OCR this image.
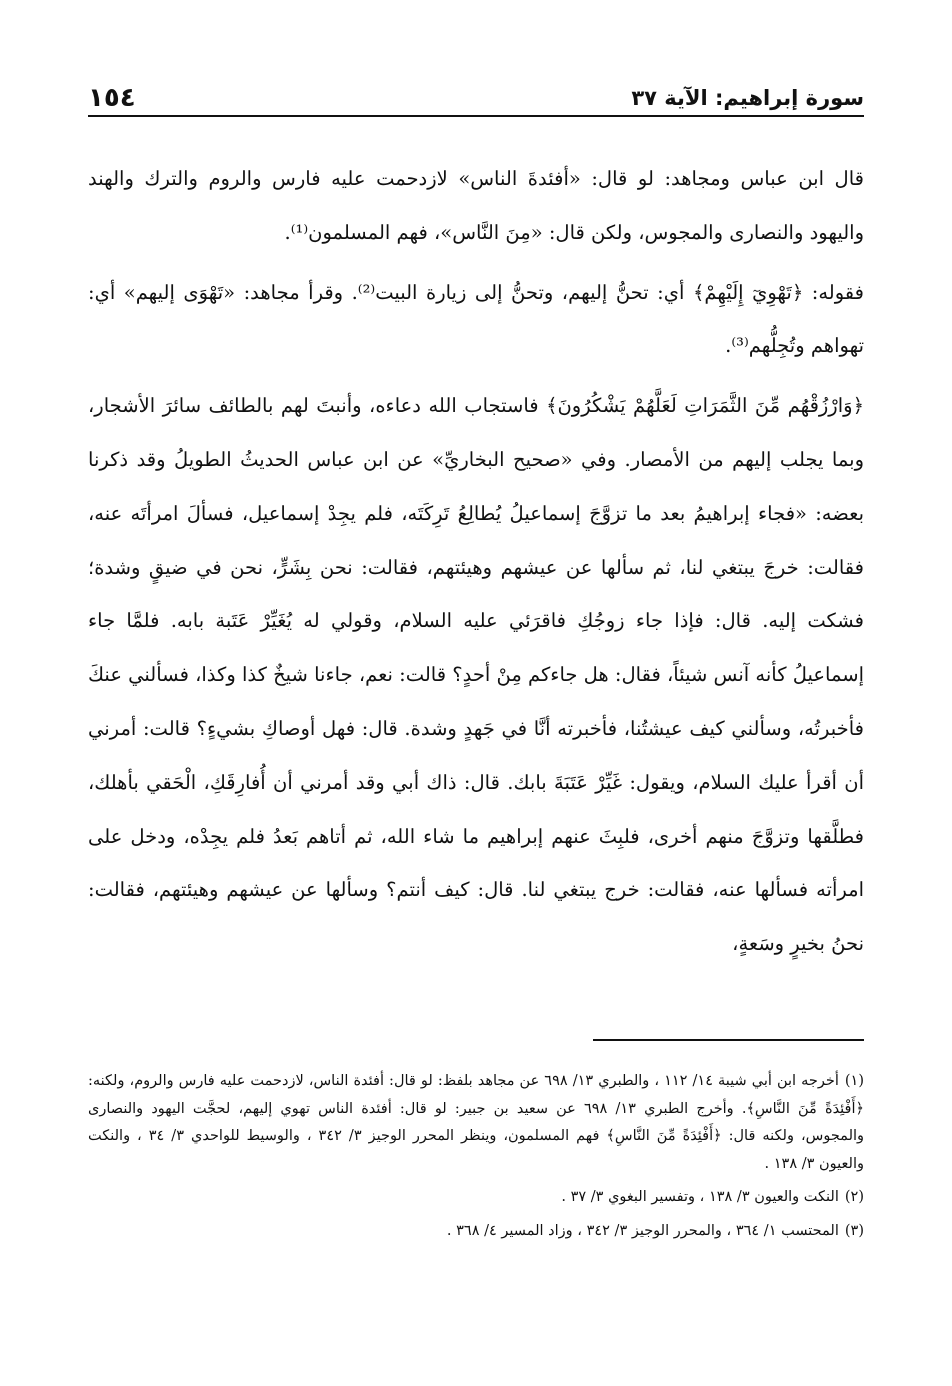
سورة إبراهيم: الآية ٣٧
١٥٤

قال ابن عباس ومجاهد: لو قال: «أفئدةَ الناس» لازدحمت عليه فارس والروم والترك والهند واليهود والنصارى والمجوس، ولكن قال: «مِنَ النَّاس»، فهم المسلمون⁽¹⁾.

فقوله: ﴿تَهْوِيٓ إِلَيْهِمْ﴾ أي: تحنُّ إليهم، وتحنُّ إلى زيارة البيت⁽²⁾. وقرأ مجاهد: «تَهْوَى إليهم» أي: تهواهم وتُجِلُّهم⁽³⁾.

﴿وَارْزُقْهُم مِّنَ الثَّمَرَاتِ لَعَلَّهُمْ يَشْكُرُونَ﴾ فاستجاب الله دعاءه، وأنبتَ لهم بالطائف سائرَ الأشجار، وبما يجلب إليهم من الأمصار. وفي «صحيح البخاريِّ» عن ابن عباس الحديثُ الطويلُ وقد ذكرنا بعضه: «فجاء إبراهيمُ بعد ما تزوَّجَ إسماعيلُ يُطالِعُ تَرِكَتَه، فلم يجِدْ إسماعيل، فسألَ امرأتَه عنه، فقالت: خرجَ يبتغي لنا، ثم سألها عن عيشهم وهيئتهم، فقالت: نحن بِشَرٍّ، نحن في ضيقٍ وشدة؛ فشكت إليه. قال: فإذا جاء زوجُكِ فاقرَئي عليه السلام، وقولي له يُغَيِّرْ عَتَبة بابه. فلمَّا جاء إسماعيلُ كأنه آنس شيئاً، فقال: هل جاءكم مِنْ أحدٍ؟ قالت: نعم، جاءنا شيخٌ كذا وكذا، فسألني عنكَ فأخبرتُه، وسألني كيف عيشتُنا، فأخبرته أنَّا في جَهدٍ وشدة. قال: فهل أوصاكِ بشيءٍ؟ قالت: أمرني أن أقرأ عليك السلام، ويقول: غَيِّرْ عَتَبَةَ بابك. قال: ذاك أبي وقد أمرني أن أُفارِقَكِ، الْحَقي بأهلك، فطلَّقها وتزوَّجَ منهم أخرى، فلبِثَ عنهم إبراهيم ما شاء الله، ثم أتاهم بَعدُ فلم يجِدْه، ودخل على امرأته فسألها عنه، فقالت: خرج يبتغي لنا. قال: كيف أنتم؟ وسألها عن عيشهم وهيئتهم، فقالت: نحنُ بخيرٍ وسَعةٍ،

(١)أخرجه ابن أبي شيبة ١٤/ ١١٢ ، والطبري ١٣/ ٦٩٨ عن مجاهد بلفظ: لو قال: أفئدة الناس، لازدحمت عليه فارس والروم، ولكنه: ﴿أَفْئِدَةً مِّنَ النَّاسِ﴾. وأخرج الطبري ١٣/ ٦٩٨ عن سعيد بن جبير: لو قال: أفئدة الناس تهوي إليهم، لحجَّت اليهود والنصارى والمجوس، ولكنه قال: ﴿أَفْئِدَةً مِّنَ النَّاسِ﴾ فهم المسلمون، وينظر المحرر الوجيز ٣/ ٣٤٢ ، والوسيط للواحدي ٣/ ٣٤ ، والنكت والعيون ٣/ ١٣٨ .

(٢)النكت والعيون ٣/ ١٣٨ ، وتفسير البغوي ٣/ ٣٧ .

(٣)المحتسب ١/ ٣٦٤ ، والمحرر الوجيز ٣/ ٣٤٢ ، وزاد المسير ٤/ ٣٦٨ .
